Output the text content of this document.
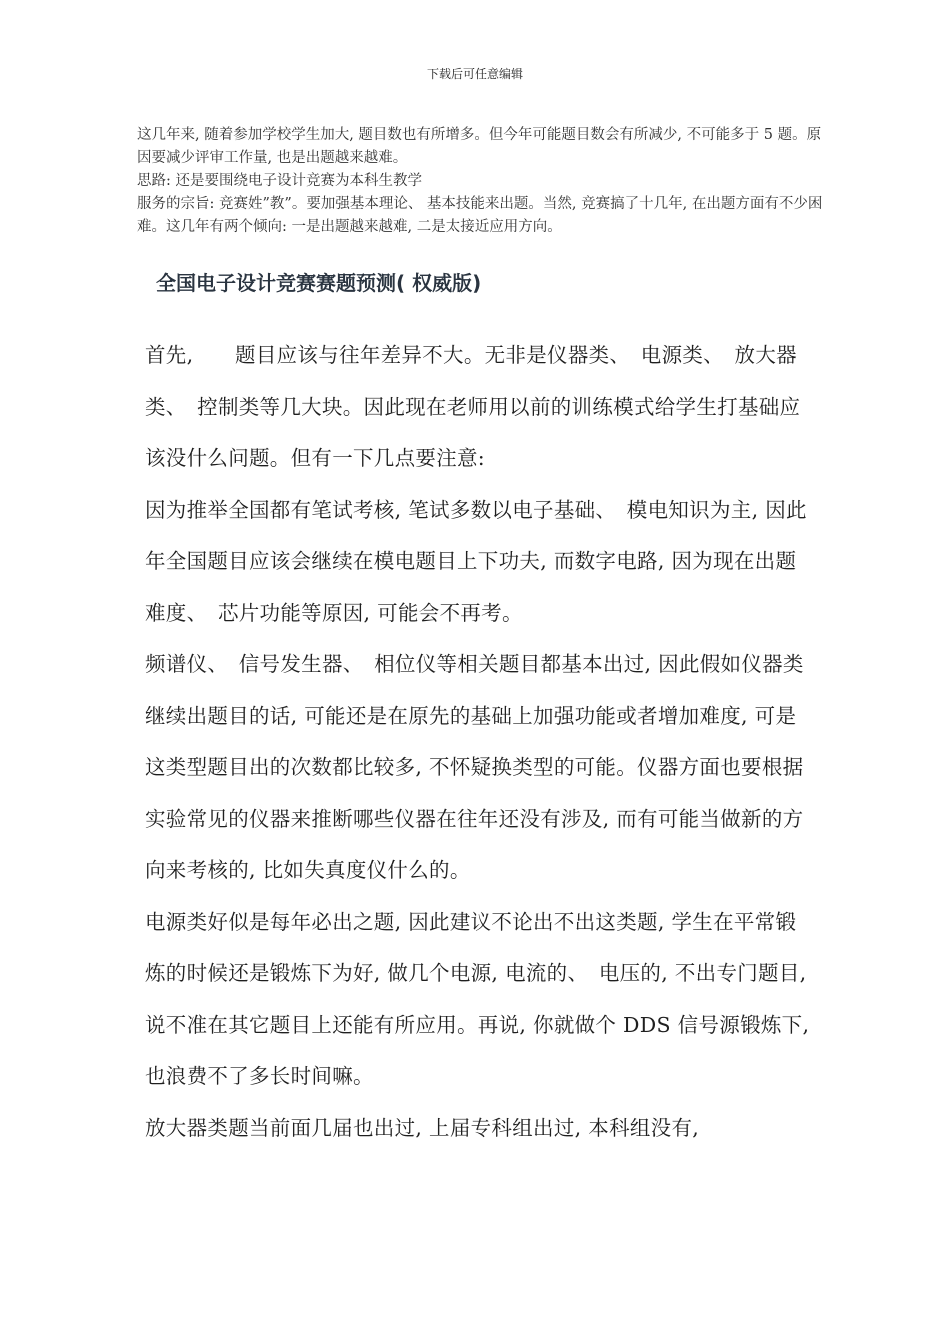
下载后可任意编辑

这几年来, 随着参加学校学生加大, 题目数也有所增多。但今年可能题目数会有所减少, 不可能多于 5 题。原因要减少评审工作量, 也是出题越来越难。

思路: 还是要围绕电子设计竞赛为本科生教学

服务的宗旨: 竞赛姓”教”。要加强基本理论、 基本技能来出题。当然, 竞赛搞了十几年, 在出题方面有不少困难。这几年有两个倾向: 一是出题越来越难, 二是太接近应用方向。

全国电子设计竞赛赛题预测( 权威版)

首先,　　题目应该与往年差异不大。无非是仪器类、　电源类、　放大器类、　控制类等几大块。因此现在老师用以前的训练模式给学生打基础应该没什么问题。但有一下几点要注意:

因为推举全国都有笔试考核, 笔试多数以电子基础、　模电知识为主, 因此　年全国题目应该会继续在模电题目上下功夫, 而数字电路, 因为现在出题难度、　芯片功能等原因, 可能会不再考。

频谱仪、　信号发生器、　相位仪等相关题目都基本出过, 因此假如仪器类继续出题目的话, 可能还是在原先的基础上加强功能或者增加难度, 可是这类型题目出的次数都比较多, 不怀疑换类型的可能。仪器方面也要根据实验常见的仪器来推断哪些仪器在往年还没有涉及, 而有可能当做新的方向来考核的, 比如失真度仪什么的。

电源类好似是每年必出之题, 因此建议不论出不出这类题, 学生在平常锻炼的时候还是锻炼下为好, 做几个电源, 电流的、　电压的, 不出专门题目, 说不准在其它题目上还能有所应用。再说, 你就做个 DDS 信号源锻炼下, 也浪费不了多长时间嘛。

放大器类题当前面几届也出过, 上届专科组出过, 本科组没有,
